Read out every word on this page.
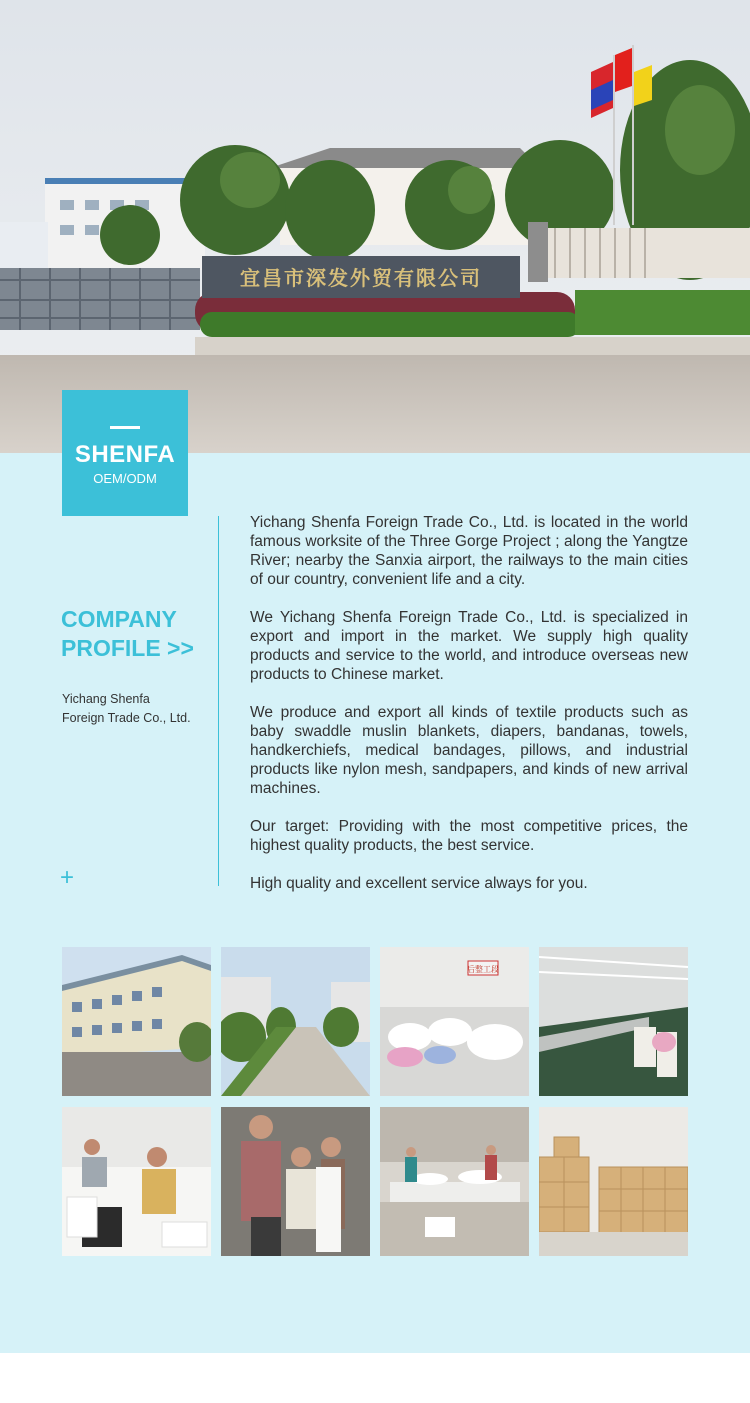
宜昌市深发外贸有限公司
SHENFA
OEM/ODM
COMPANY
PROFILE >>
Yichang Shenfa
Foreign Trade Co., Ltd.
+

Yichang Shenfa Foreign Trade Co., Ltd. is located in the world famous worksite of the Three Gorge Project ; along the Yangtze River; nearby the Sanxia airport, the railways to the main cities of our country, convenient life and a city.

We Yichang Shenfa Foreign Trade Co., Ltd. is specialized in export and import in the market. We supply high quality products and service to the world, and introduce overseas new products to Chinese market.

We produce and export all kinds of textile products such as baby swaddle muslin blankets, diapers, bandanas, towels, handkerchiefs, medical bandages, pillows, and industrial products like nylon mesh, sandpapers, and kinds of new arrival machines.

Our target: Providing with the most competitive prices, the highest quality products, the best service.

High quality and excellent service always for you.

后整工段
